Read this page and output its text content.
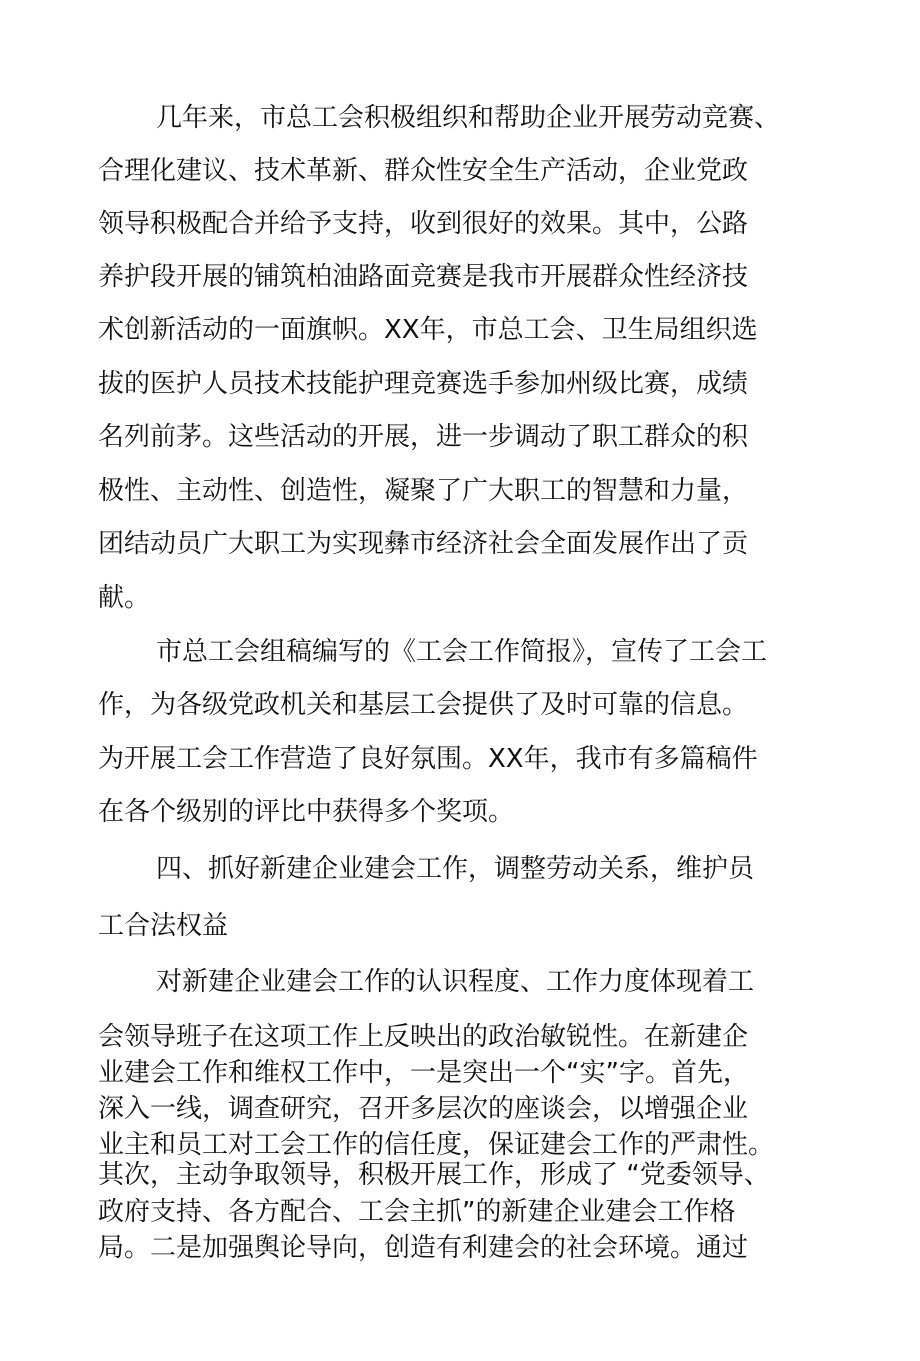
几年来，市总工会积极组织和帮助企业开展劳动竞赛、
合理化建议、技术革新、群众性安全生产活动，企业党政
领导积极配合并给予支持，收到很好的效果。其中，公路
养护段开展的铺筑柏油路面竞赛是我市开展群众性经济技
术创新活动的一面旗帜。XX年，市总工会、卫生局组织选
拔的医护人员技术技能护理竞赛选手参加州级比赛，成绩
名列前茅。这些活动的开展，进一步调动了职工群众的积
极性、主动性、创造性，凝聚了广大职工的智慧和力量，
团结动员广大职工为实现彝市经济社会全面发展作出了贡
献。
市总工会组稿编写的《工会工作简报》，宣传了工会工
作，为各级党政机关和基层工会提供了及时可靠的信息。
为开展工会工作营造了良好氛围。XX年，我市有多篇稿件
在各个级别的评比中获得多个奖项。
四、抓好新建企业建会工作，调整劳动关系，维护员
工合法权益
对新建企业建会工作的认识程度、工作力度体现着工
会领导班子在这项工作上反映出的政治敏锐性。在新建企
业建会工作和维权工作中，一是突出一个“实”字。首先，
深入一线，调查研究，召开多层次的座谈会，以增强企业
业主和员工对工会工作的信任度，保证建会工作的严肃性。
其次，主动争取领导，积极开展工作，形成了 “党委领导、
政府支持、各方配合、工会主抓”的新建企业建会工作格
局。二是加强舆论导向，创造有利建会的社会环境。通过
